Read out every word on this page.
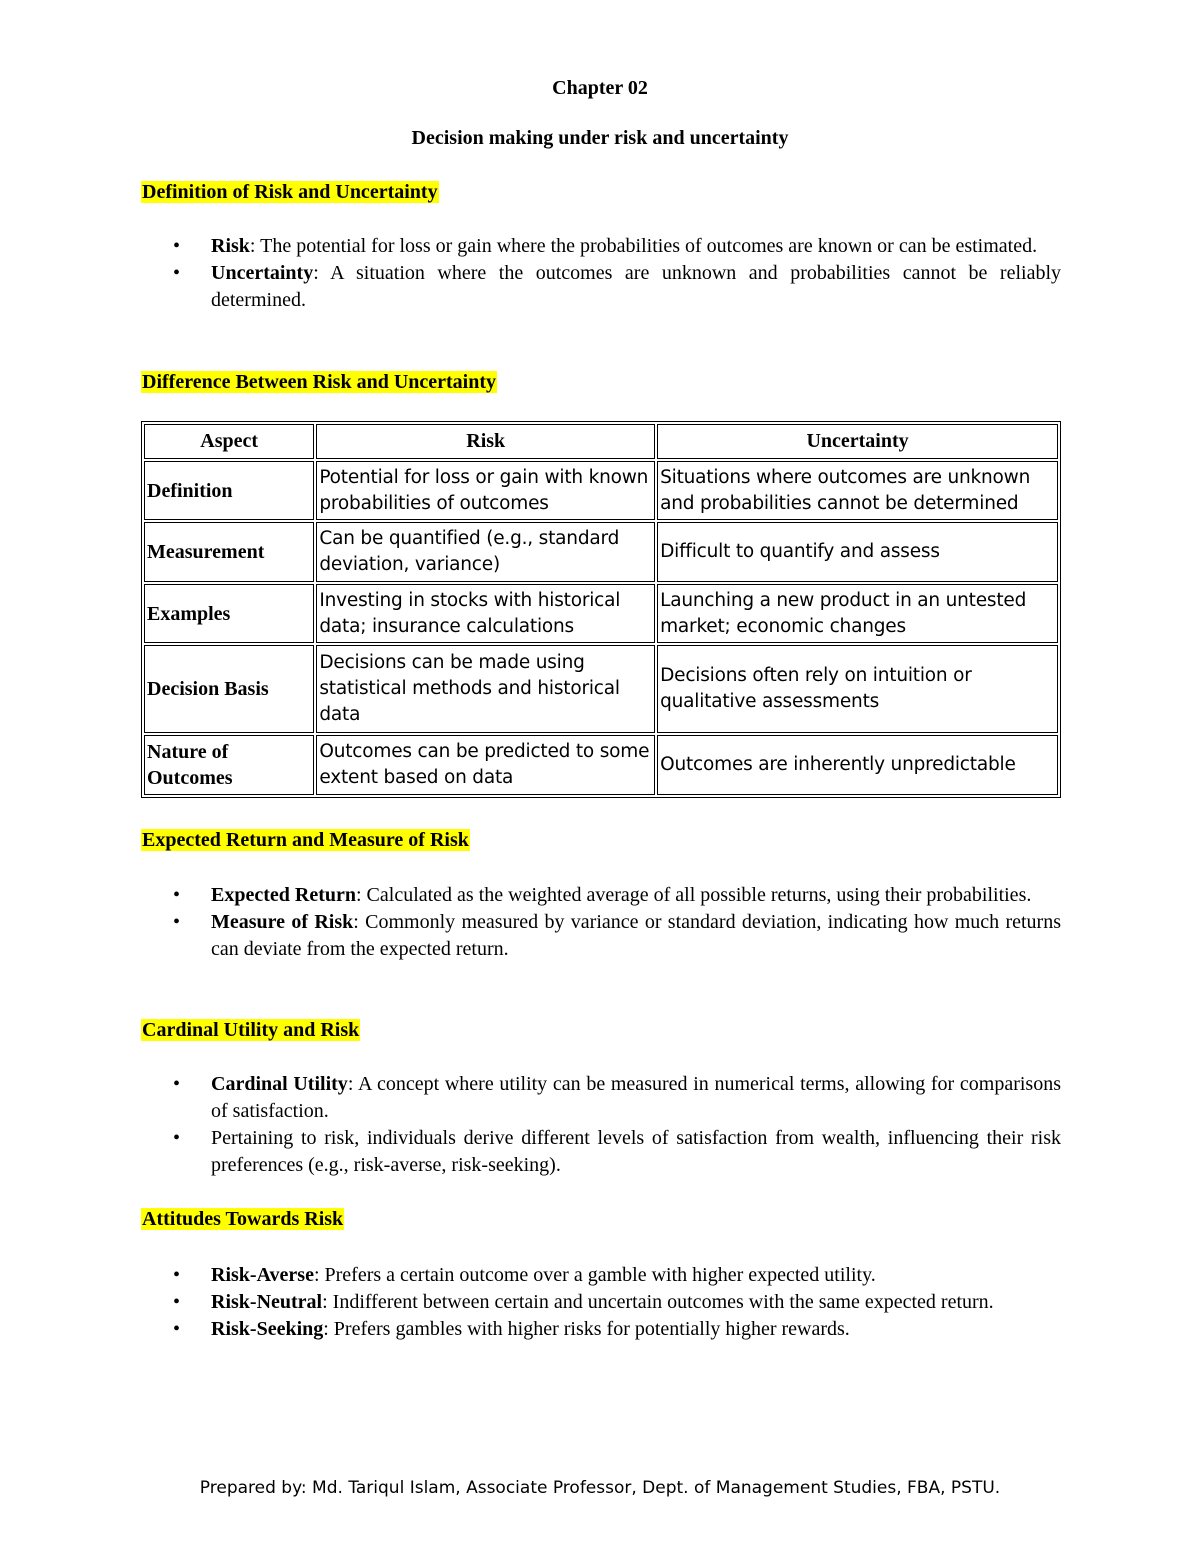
Chapter 02
Decision making under risk and uncertainty
Definition of Risk and Uncertainty
• Risk: The potential for loss or gain where the probabilities of outcomes are known or can be estimated.
• Uncertainty: A situation where the outcomes are unknown and probabilities cannot be reliably determined.
Difference Between Risk and Uncertainty
Aspect	Risk	Uncertainty
Definition	Potential for loss or gain with known probabilities of outcomes	Situations where outcomes are unknown and probabilities cannot be determined
Measurement	Can be quantified (e.g., standard deviation, variance)	Difficult to quantify and assess
Examples	Investing in stocks with historical data; insurance calculations	Launching a new product in an untested market; economic changes
Decision Basis	Decisions can be made using statistical methods and historical data	Decisions often rely on intuition or qualitative assessments
Nature of Outcomes	Outcomes can be predicted to some extent based on data	Outcomes are inherently unpredictable
Expected Return and Measure of Risk
• Expected Return: Calculated as the weighted average of all possible returns, using their probabilities.
• Measure of Risk: Commonly measured by variance or standard deviation, indicating how much returns can deviate from the expected return.
Cardinal Utility and Risk
• Cardinal Utility: A concept where utility can be measured in numerical terms, allowing for comparisons of satisfaction.
• Pertaining to risk, individuals derive different levels of satisfaction from wealth, influencing their risk preferences (e.g., risk-averse, risk-seeking).
Attitudes Towards Risk
• Risk-Averse: Prefers a certain outcome over a gamble with higher expected utility.
• Risk-Neutral: Indifferent between certain and uncertain outcomes with the same expected return.
• Risk-Seeking: Prefers gambles with higher risks for potentially higher rewards.
Prepared by: Md. Tariqul Islam, Associate Professor, Dept. of Management Studies, FBA, PSTU.
